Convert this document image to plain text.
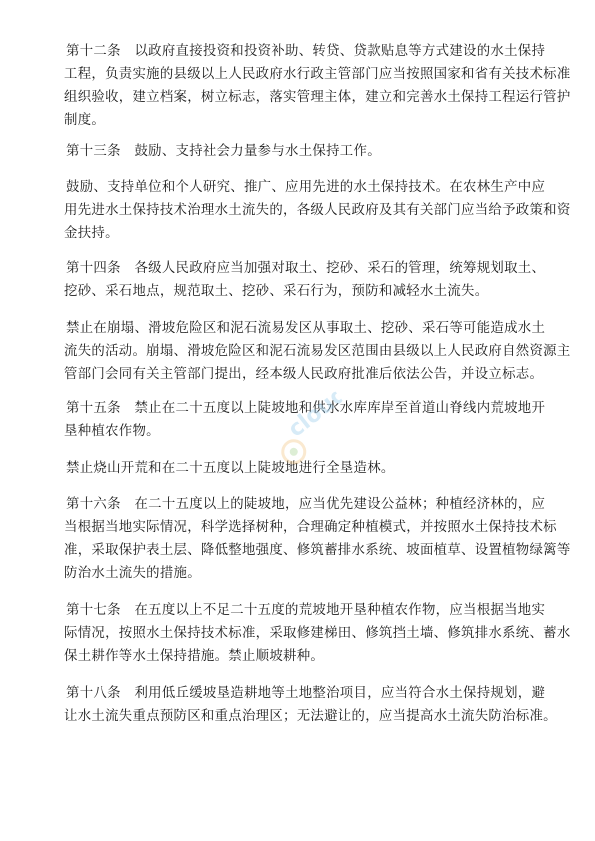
第十二条　以政府直接投资和投资补助、转贷、贷款贴息等方式建设的水土保持
工程，负责实施的县级以上人民政府水行政主管部门应当按照国家和省有关技术标准
组织验收，建立档案，树立标志，落实管理主体，建立和完善水土保持工程运行管护
制度。

第十三条　鼓励、支持社会力量参与水土保持工作。

鼓励、支持单位和个人研究、推广、应用先进的水土保持技术。在农林生产中应
用先进水土保持技术治理水土流失的，各级人民政府及其有关部门应当给予政策和资
金扶持。

第十四条　各级人民政府应当加强对取土、挖砂、采石的管理，统筹规划取土、
挖砂、采石地点，规范取土、挖砂、采石行为，预防和减轻水土流失。

禁止在崩塌、滑坡危险区和泥石流易发区从事取土、挖砂、采石等可能造成水土
流失的活动。崩塌、滑坡危险区和泥石流易发区范围由县级以上人民政府自然资源主
管部门会同有关主管部门提出，经本级人民政府批准后依法公告，并设立标志。

第十五条　禁止在二十五度以上陡坡地和供水水库库岸至首道山脊线内荒坡地开
垦种植农作物。

禁止烧山开荒和在二十五度以上陡坡地进行全垦造林。

第十六条　在二十五度以上的陡坡地，应当优先建设公益林；种植经济林的，应
当根据当地实际情况，科学选择树种，合理确定种植模式，并按照水土保持技术标
准，采取保护表土层、降低整地强度、修筑蓄排水系统、坡面植草、设置植物绿篱等
防治水土流失的措施。

第十七条　在五度以上不足二十五度的荒坡地开垦种植农作物，应当根据当地实
际情况，按照水土保持技术标准，采取修建梯田、修筑挡土墙、修筑排水系统、蓄水
保土耕作等水土保持措施。禁止顺坡耕种。

第十八条　利用低丘缓坡垦造耕地等土地整治项目，应当符合水土保持规划，避
让水土流失重点预防区和重点治理区；无法避让的，应当提高水土流失防治标准。

cloud
